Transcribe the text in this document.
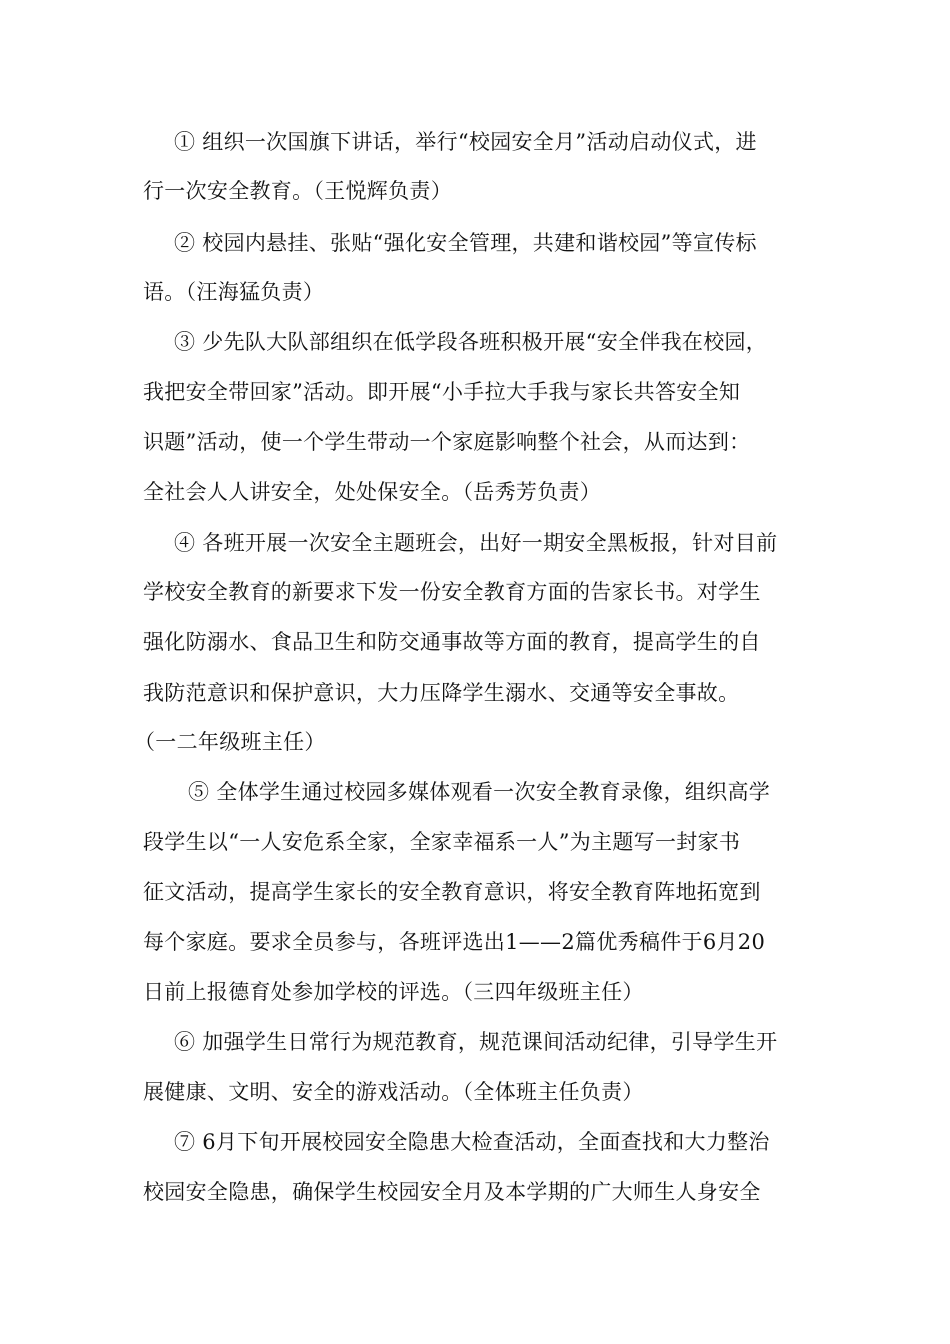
① 组织一次国旗下讲话，举行“校园安全月”活动启动仪式，进
行一次安全教育。（王悦辉负责）
② 校园内悬挂、张贴“强化安全管理，共建和谐校园”等宣传标
语。（汪海猛负责）
③ 少先队大队部组织在低学段各班积极开展“安全伴我在校园，
我把安全带回家”活动。即开展“小手拉大手我与家长共答安全知
识题”活动，使一个学生带动一个家庭影响整个社会，从而达到：
全社会人人讲安全，处处保安全。（岳秀芳负责）
④ 各班开展一次安全主题班会，出好一期安全黑板报，针对目前
学校安全教育的新要求下发一份安全教育方面的告家长书。对学生
强化防溺水、食品卫生和防交通事故等方面的教育，提高学生的自
我防范意识和保护意识，大力压降学生溺水、交通等安全事故。
（一二年级班主任）
⑤ 全体学生通过校园多媒体观看一次安全教育录像，组织高学
段学生以“一人安危系全家，全家幸福系一人”为主题写一封家书
征文活动，提高学生家长的安全教育意识，将安全教育阵地拓宽到
每个家庭。要求全员参与，各班评选出1——2篇优秀稿件于6月20
日前上报德育处参加学校的评选。（三四年级班主任）
⑥ 加强学生日常行为规范教育，规范课间活动纪律，引导学生开
展健康、文明、安全的游戏活动。（全体班主任负责）
⑦ 6月下旬开展校园安全隐患大检查活动，全面查找和大力整治
校园安全隐患，确保学生校园安全月及本学期的广大师生人身安全
